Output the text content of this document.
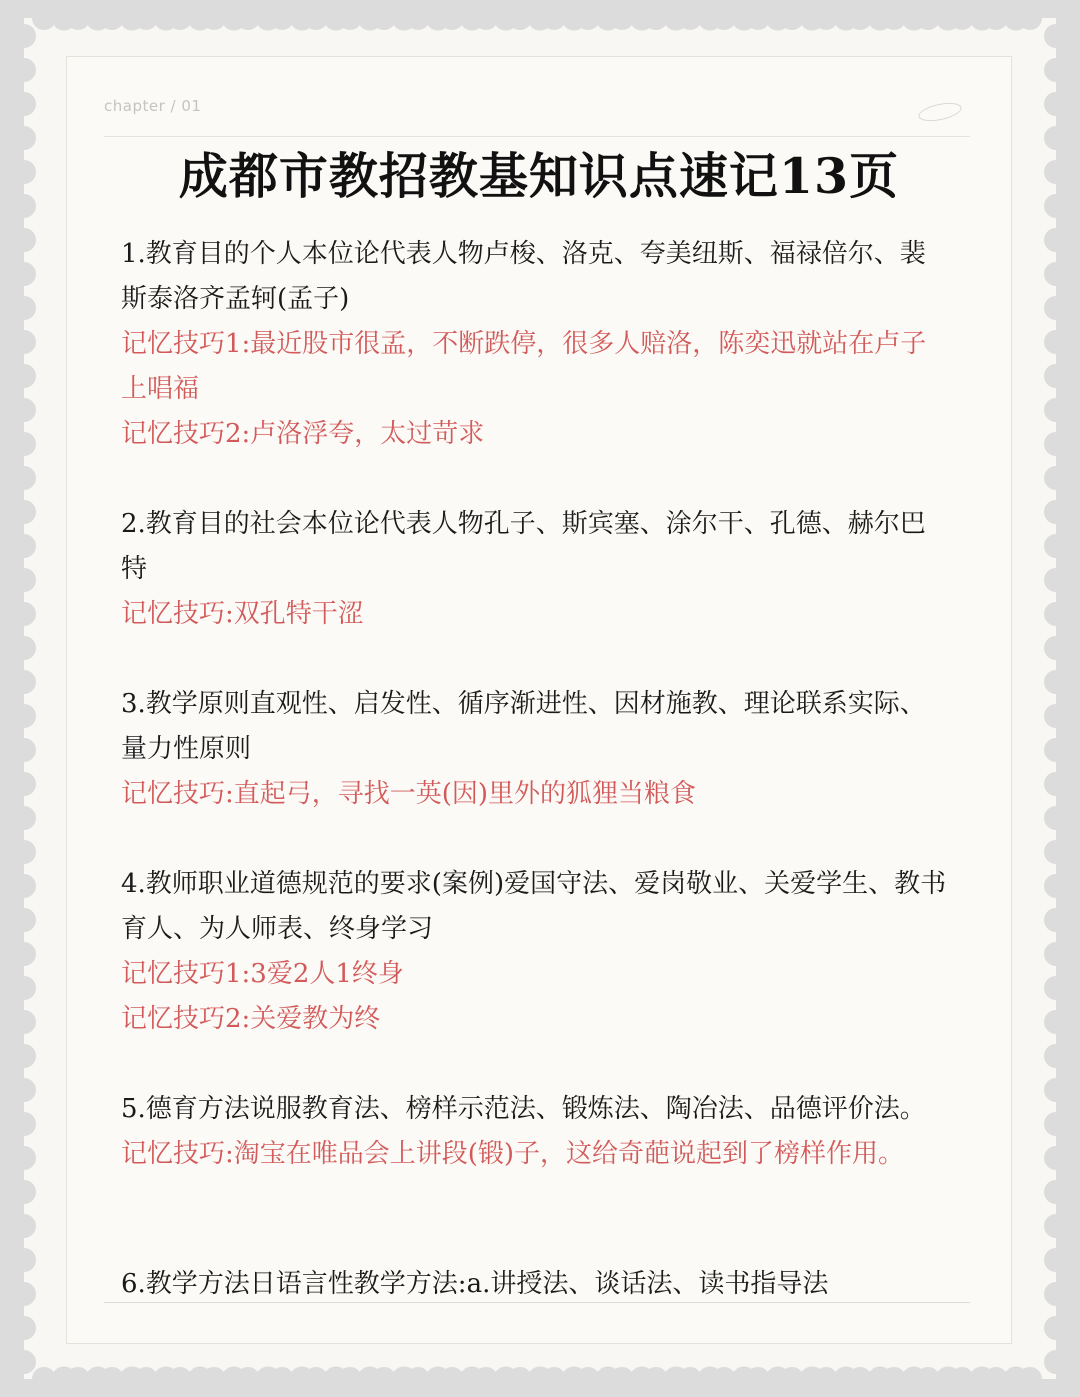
chapter / 01
成都市教招教基知识点速记13页

1.教育目的个人本位论代表人物卢梭、洛克、夸美纽斯、福禄倍尔、裴斯泰洛齐孟轲(孟子)

记忆技巧1:最近股市很孟，不断跌停，很多人赔洛，陈奕迅就站在卢子上唱福

记忆技巧2:卢洛浮夸，太过苛求

2.教育目的社会本位论代表人物孔子、斯宾塞、涂尔干、孔德、赫尔巴特

记忆技巧:双孔特干涩

3.教学原则直观性、启发性、循序渐进性、因材施教、理论联系实际、量力性原则

记忆技巧:直起弓，寻找一英(因)里外的狐狸当粮食

4.教师职业道德规范的要求(案例)爱国守法、爱岗敬业、关爱学生、教书育人、为人师表、终身学习

记忆技巧1:3爱2人1终身

记忆技巧2:关爱教为终

5.德育方法说服教育法、榜样示范法、锻炼法、陶冶法、品德评价法。

记忆技巧:淘宝在唯品会上讲段(锻)子，这给奇葩说起到了榜样作用。

6.教学方法日语言性教学方法:a.讲授法、谈话法、读书指导法
